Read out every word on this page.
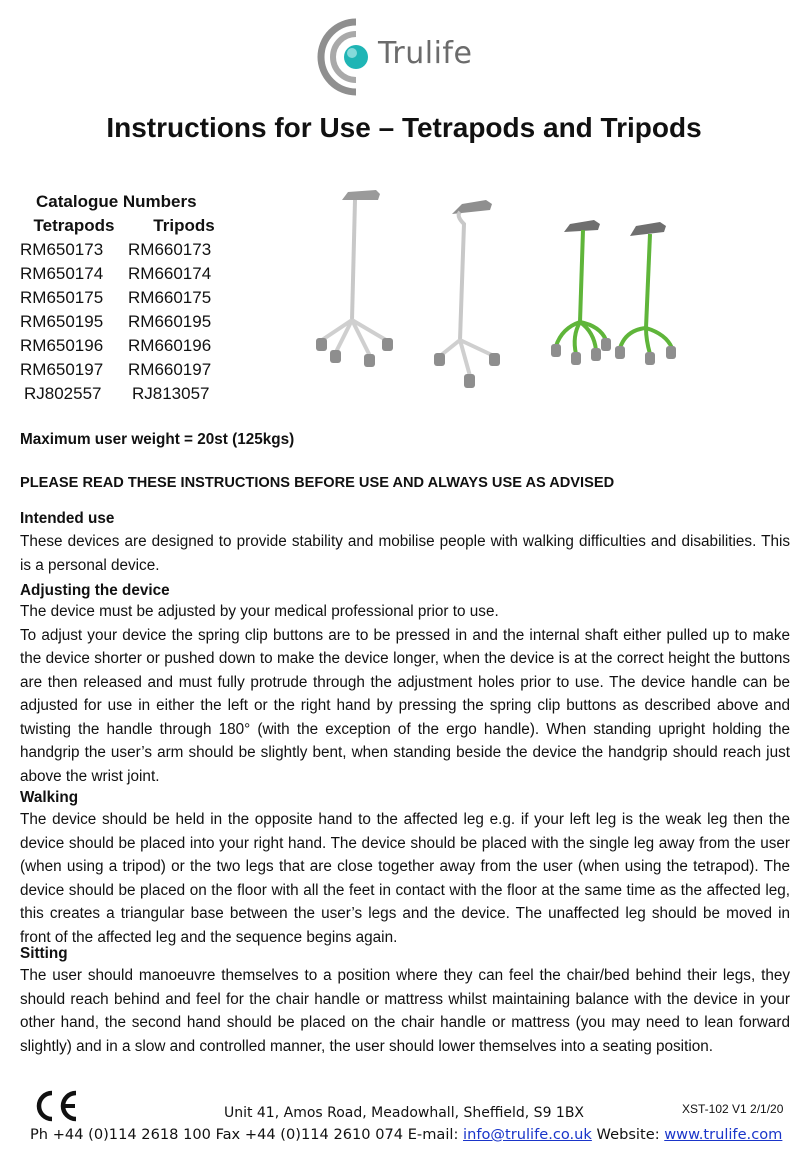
Trulife
Instructions for Use – Tetrapods and Tripods
Catalogue Numbers
Tetrapods	Tripods
RM650173	RM660173
RM650174	RM660174
RM650175	RM660175
RM650195	RM660195
RM650196	RM660196
RM650197	RM660197
RJ802557	RJ813057
Maximum user weight = 20st (125kgs)
PLEASE READ THESE INSTRUCTIONS BEFORE USE AND ALWAYS USE AS ADVISED
Intended use
These devices are designed to provide stability and mobilise people with walking difficulties and disabilities. This is a personal device.
Adjusting the device
The device must be adjusted by your medical professional prior to use.
To adjust your device the spring clip buttons are to be pressed in and the internal shaft either pulled up to make the device shorter or pushed down to make the device longer, when the device is at the correct height the buttons are then released and must fully protrude through the adjustment holes prior to use. The device handle can be adjusted for use in either the left or the right hand by pressing the spring clip buttons as described above and twisting the handle through 180° (with the exception of the ergo handle). When standing upright holding the handgrip the user’s arm should be slightly bent, when standing beside the device the handgrip should reach just above the wrist joint.
Walking
The device should be held in the opposite hand to the affected leg e.g. if your left leg is the weak leg then the device should be placed into your right hand. The device should be placed with the single leg away from the user (when using a tripod) or the two legs that are close together away from the user (when using the tetrapod). The device should be placed on the floor with all the feet in contact with the floor at the same time as the affected leg, this creates a triangular base between the user’s legs and the device. The unaffected leg should be moved in front of the affected leg and the sequence begins again.
Sitting
The user should manoeuvre themselves to a position where they can feel the chair/bed behind their legs, they should reach behind and feel for the chair handle or mattress whilst maintaining balance with the device in your other hand, the second hand should be placed on the chair handle or mattress (you may need to lean forward slightly) and in a slow and controlled manner, the user should lower themselves into a seating position.
Unit 41, Amos Road, Meadowhall, Sheffield, S9 1BX	XST-102 V1 2/1/20
Ph +44 (0)114 2618 100 Fax +44 (0)114 2610 074 E-mail: info@trulife.co.uk Website: www.trulife.com
